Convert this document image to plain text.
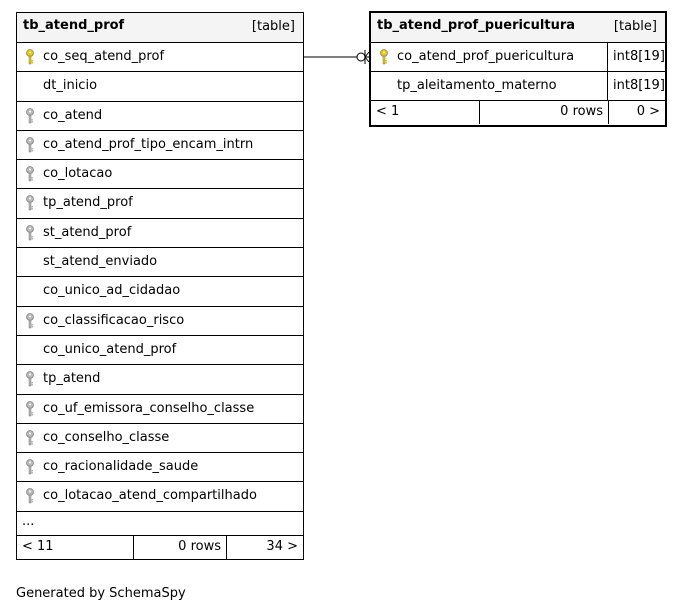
tb_atend_prof	[table]
co_seq_atend_prof
dt_inicio
co_atend
co_atend_prof_tipo_encam_intrn
co_lotacao
tp_atend_prof
st_atend_prof
st_atend_enviado
co_unico_ad_cidadao
co_classificacao_risco
co_unico_atend_prof
tp_atend
co_uf_emissora_conselho_classe
co_conselho_classe
co_racionalidade_saude
co_lotacao_atend_compartilhado
...
< 11	0 rows	34 >
tb_atend_prof_puericultura	[table]
co_atend_prof_puericultura	int8[19]
tp_aleitamento_materno	int8[19]
< 1	0 rows	0 >
Generated by SchemaSpy
